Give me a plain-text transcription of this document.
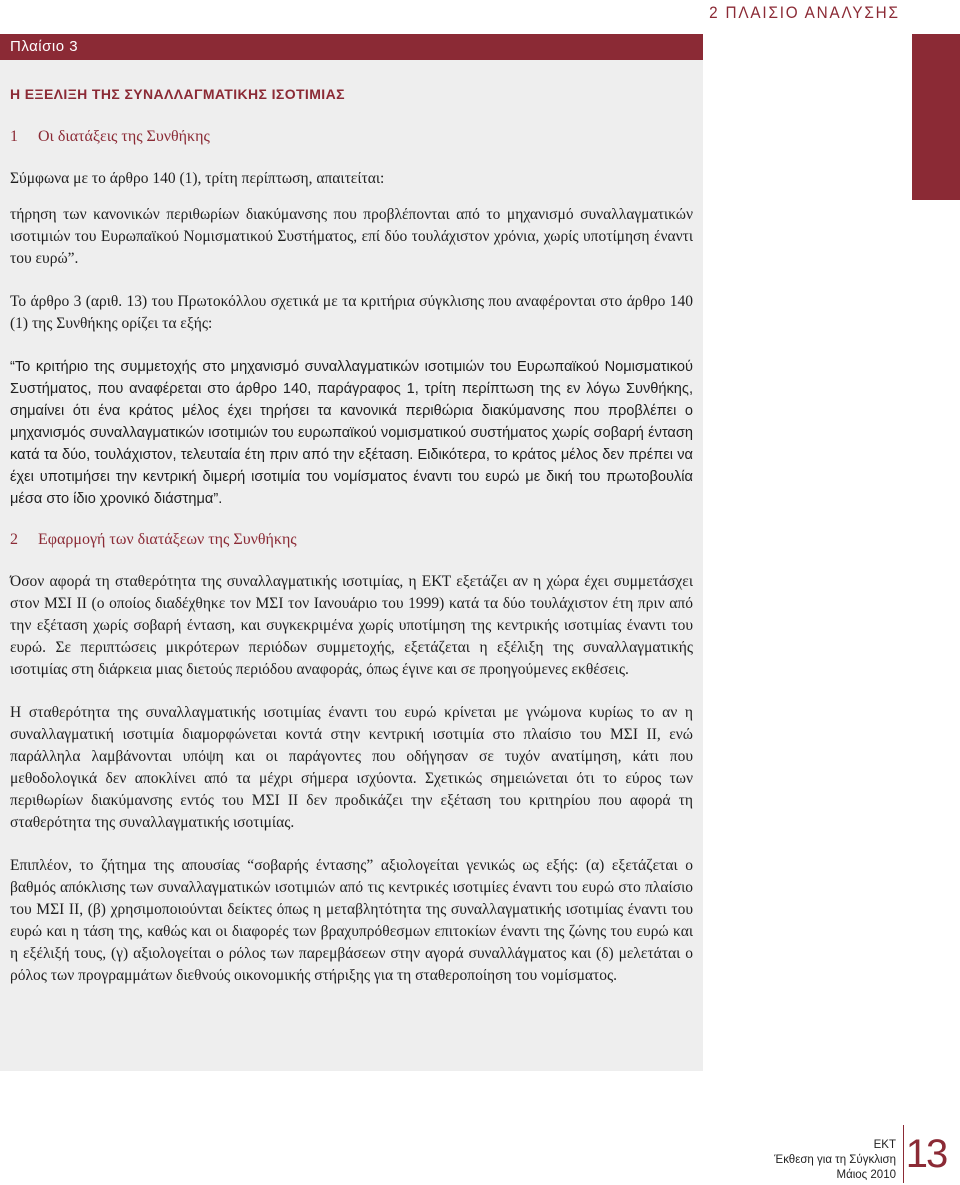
2 ΠΛΑΙΣΙΟ ΑΝΑΛΥΣΗΣ
Πλαίσιο 3
Η ΕΞΕΛΙΞΗ ΤΗΣ ΣΥΝΑΛΛΑΓΜΑΤΙΚΗΣ ΙΣΟΤΙΜΙΑΣ
1 Οι διατάξεις της Συνθήκης

Σύμφωνα με το άρθρο 140 (1), τρίτη περίπτωση, απαιτείται:

τήρηση των κανονικών περιθωρίων διακύμανσης που προβλέπονται από το μηχανισμό συναλλαγματικών ισοτιμιών του Ευρωπαϊκού Νομισματικού Συστήματος, επί δύο τουλάχιστον χρόνια, χωρίς υποτίμηση έναντι του ευρώ”.

Το άρθρο 3 (αριθ. 13) του Πρωτοκόλλου σχετικά με τα κριτήρια σύγκλισης που αναφέρονται στο άρθρο 140 (1) της Συνθήκης ορίζει τα εξής:

“Το κριτήριο της συμμετοχής στο μηχανισμό συναλλαγματικών ισοτιμιών του Ευρωπαϊκού Νομισματικού Συστήματος, που αναφέρεται στο άρθρο 140, παράγραφος 1, τρίτη περίπτωση της εν λόγω Συνθήκης, σημαίνει ότι ένα κράτος μέλος έχει τηρήσει τα κανονικά περιθώρια διακύμανσης που προβλέπει ο μηχανισμός συναλλαγματικών ισοτιμιών του ευρωπαϊκού νομισματικού συστήματος χωρίς σοβαρή ένταση κατά τα δύο, τουλάχιστον, τελευταία έτη πριν από την εξέταση. Ειδικότερα, το κράτος μέλος δεν πρέπει να έχει υποτιμήσει την κεντρική διμερή ισοτιμία του νομίσματος έναντι του ευρώ με δική του πρωτοβουλία μέσα στο ίδιο χρονικό διάστημα”.

2 Εφαρμογή των διατάξεων της Συνθήκης

Όσον αφορά τη σταθερότητα της συναλλαγματικής ισοτιμίας, η ΕΚΤ εξετάζει αν η χώρα έχει συμμετάσχει στον ΜΣΙ ΙΙ (ο οποίος διαδέχθηκε τον ΜΣΙ τον Ιανουάριο του 1999) κατά τα δύο τουλάχιστον έτη πριν από την εξέταση χωρίς σοβαρή ένταση, και συγκεκριμένα χωρίς υποτίμηση της κεντρικής ισοτιμίας έναντι του ευρώ. Σε περιπτώσεις μικρότερων περιόδων συμμετοχής, εξετάζεται η εξέλιξη της συναλλαγματικής ισοτιμίας στη διάρκεια μιας διετούς περιόδου αναφοράς, όπως έγινε και σε προηγούμενες εκθέσεις.

Η σταθερότητα της συναλλαγματικής ισοτιμίας έναντι του ευρώ κρίνεται με γνώμονα κυρίως το αν η συναλλαγματική ισοτιμία διαμορφώνεται κοντά στην κεντρική ισοτιμία στο πλαίσιο του ΜΣΙ ΙΙ, ενώ παράλληλα λαμβάνονται υπόψη και οι παράγοντες που οδήγησαν σε τυχόν ανατίμηση, κάτι που μεθοδολογικά δεν αποκλίνει από τα μέχρι σήμερα ισχύοντα. Σχετικώς σημειώνεται ότι το εύρος των περιθωρίων διακύμανσης εντός του ΜΣΙ ΙΙ δεν προδικάζει την εξέταση του κριτηρίου που αφορά τη σταθερότητα της συναλλαγματικής ισοτιμίας.

Επιπλέον, το ζήτημα της απουσίας “σοβαρής έντασης” αξιολογείται γενικώς ως εξής: (α) εξετάζεται ο βαθμός απόκλισης των συναλλαγματικών ισοτιμιών από τις κεντρικές ισοτιμίες έναντι του ευρώ στο πλαίσιο του ΜΣΙ ΙΙ, (β) χρησιμοποιούνται δείκτες όπως η μεταβλητότητα της συναλλαγματικής ισοτιμίας έναντι του ευρώ και η τάση της, καθώς και οι διαφορές των βραχυπρόθεσμων επιτοκίων έναντι της ζώνης του ευρώ και η εξέλιξή τους, (γ) αξιολογείται ο ρόλος των παρεμβάσεων στην αγορά συναλλάγματος και (δ) μελετάται ο ρόλος των προγραμμάτων διεθνούς οικονομικής στήριξης για τη σταθεροποίηση του νομίσματος.

ΕΚΤ
Έκθεση για τη Σύγκλιση
Μάιος 2010 13
